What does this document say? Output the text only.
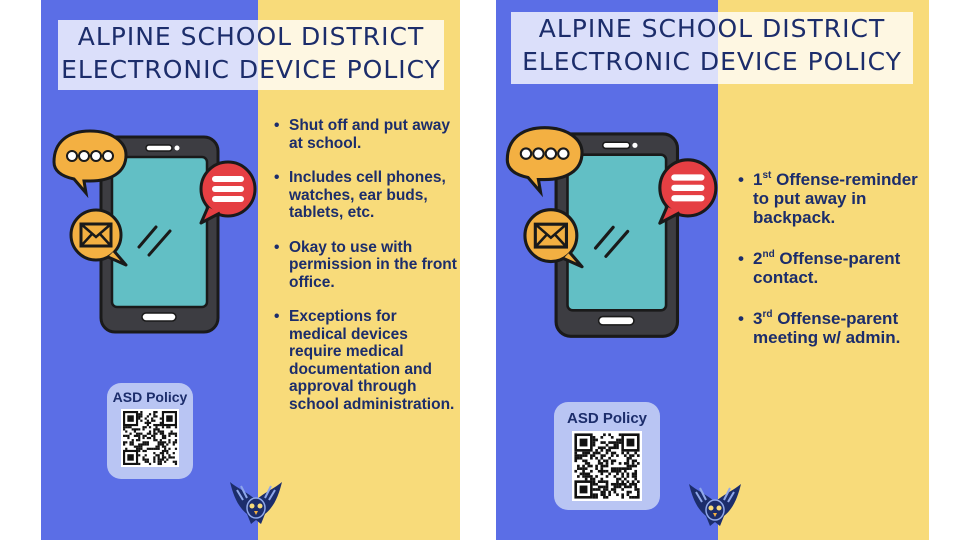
ALPINE SCHOOL DISTRICT
ELECTRONIC DEVICE POLICY
• Shut off and put away at school.
• Includes cell phones, watches, ear buds, tablets, etc.
• Okay to use with permission in the front office.
• Exceptions for medical devices require medical documentation and approval through school administration.
ASD Policy
ALPINE SCHOOL DISTRICT
ELECTRONIC DEVICE POLICY
• 1st Offense-reminder to put away in backpack.
• 2nd Offense-parent contact.
• 3rd Offense-parent meeting w/ admin.
ASD Policy
